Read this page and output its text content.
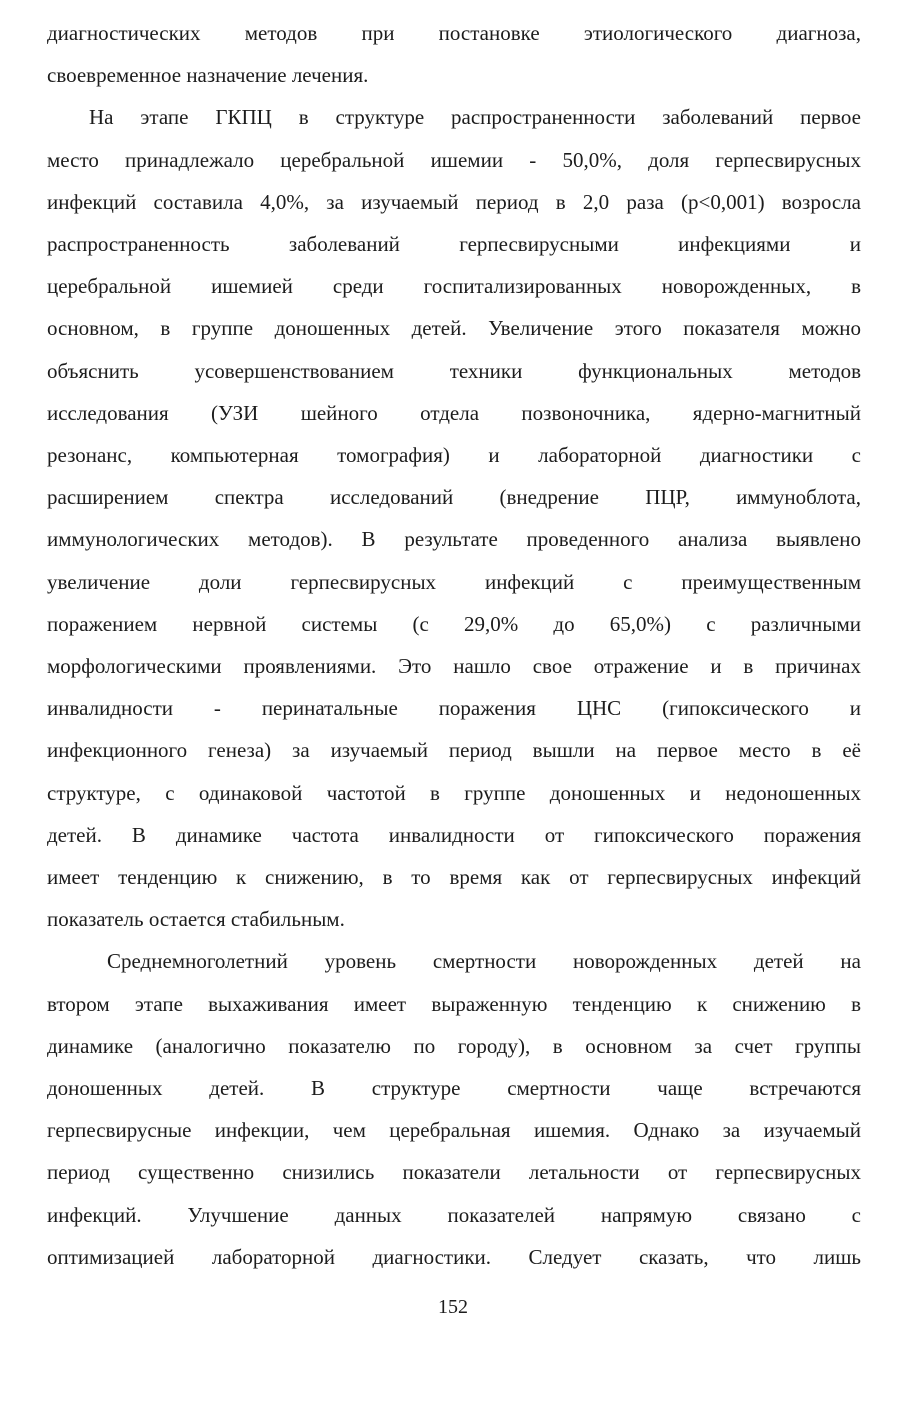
диагностических методов при постановке этиологического диагноза,
своевременное назначение лечения.
На этапе ГКПЦ в структуре распространенности заболеваний первое
место принадлежало церебральной ишемии - 50,0%, доля герпесвирусных
инфекций составила 4,0%, за изучаемый период в 2,0 раза (р<0,001) возросла
распространенность заболеваний герпесвирусными инфекциями и
церебральной ишемией среди госпитализированных новорожденных, в
основном, в группе доношенных детей. Увеличение этого показателя можно
объяснить усовершенствованием техники функциональных методов
исследования (УЗИ шейного отдела позвоночника, ядерно-магнитный
резонанс, компьютерная томография) и лабораторной диагностики с
расширением спектра исследований (внедрение ПЦР, иммуноблота,
иммунологических методов). В результате проведенного анализа выявлено
увеличение доли герпесвирусных инфекций с преимущественным
поражением нервной системы (с 29,0% до 65,0%) с различными
морфологическими проявлениями. Это нашло свое отражение и в причинах
инвалидности - перинатальные поражения ЦНС (гипоксического и
инфекционного генеза) за изучаемый период вышли на первое место в её
структуре, с одинаковой частотой в группе доношенных и недоношенных
детей. В динамике частота инвалидности от гипоксического поражения
имеет тенденцию к снижению, в то время как от герпесвирусных инфекций
показатель остается стабильным.
Среднемноголетний уровень смертности новорожденных детей на
втором этапе выхаживания имеет выраженную тенденцию к снижению в
динамике (аналогично показателю по городу), в основном за счет группы
доношенных детей. В структуре смертности чаще встречаются
герпесвирусные инфекции, чем церебральная ишемия. Однако за изучаемый
период существенно снизились показатели летальности от герпесвирусных
инфекций. Улучшение данных показателей напрямую связано с
оптимизацией лабораторной диагностики. Следует сказать, что лишь
152
